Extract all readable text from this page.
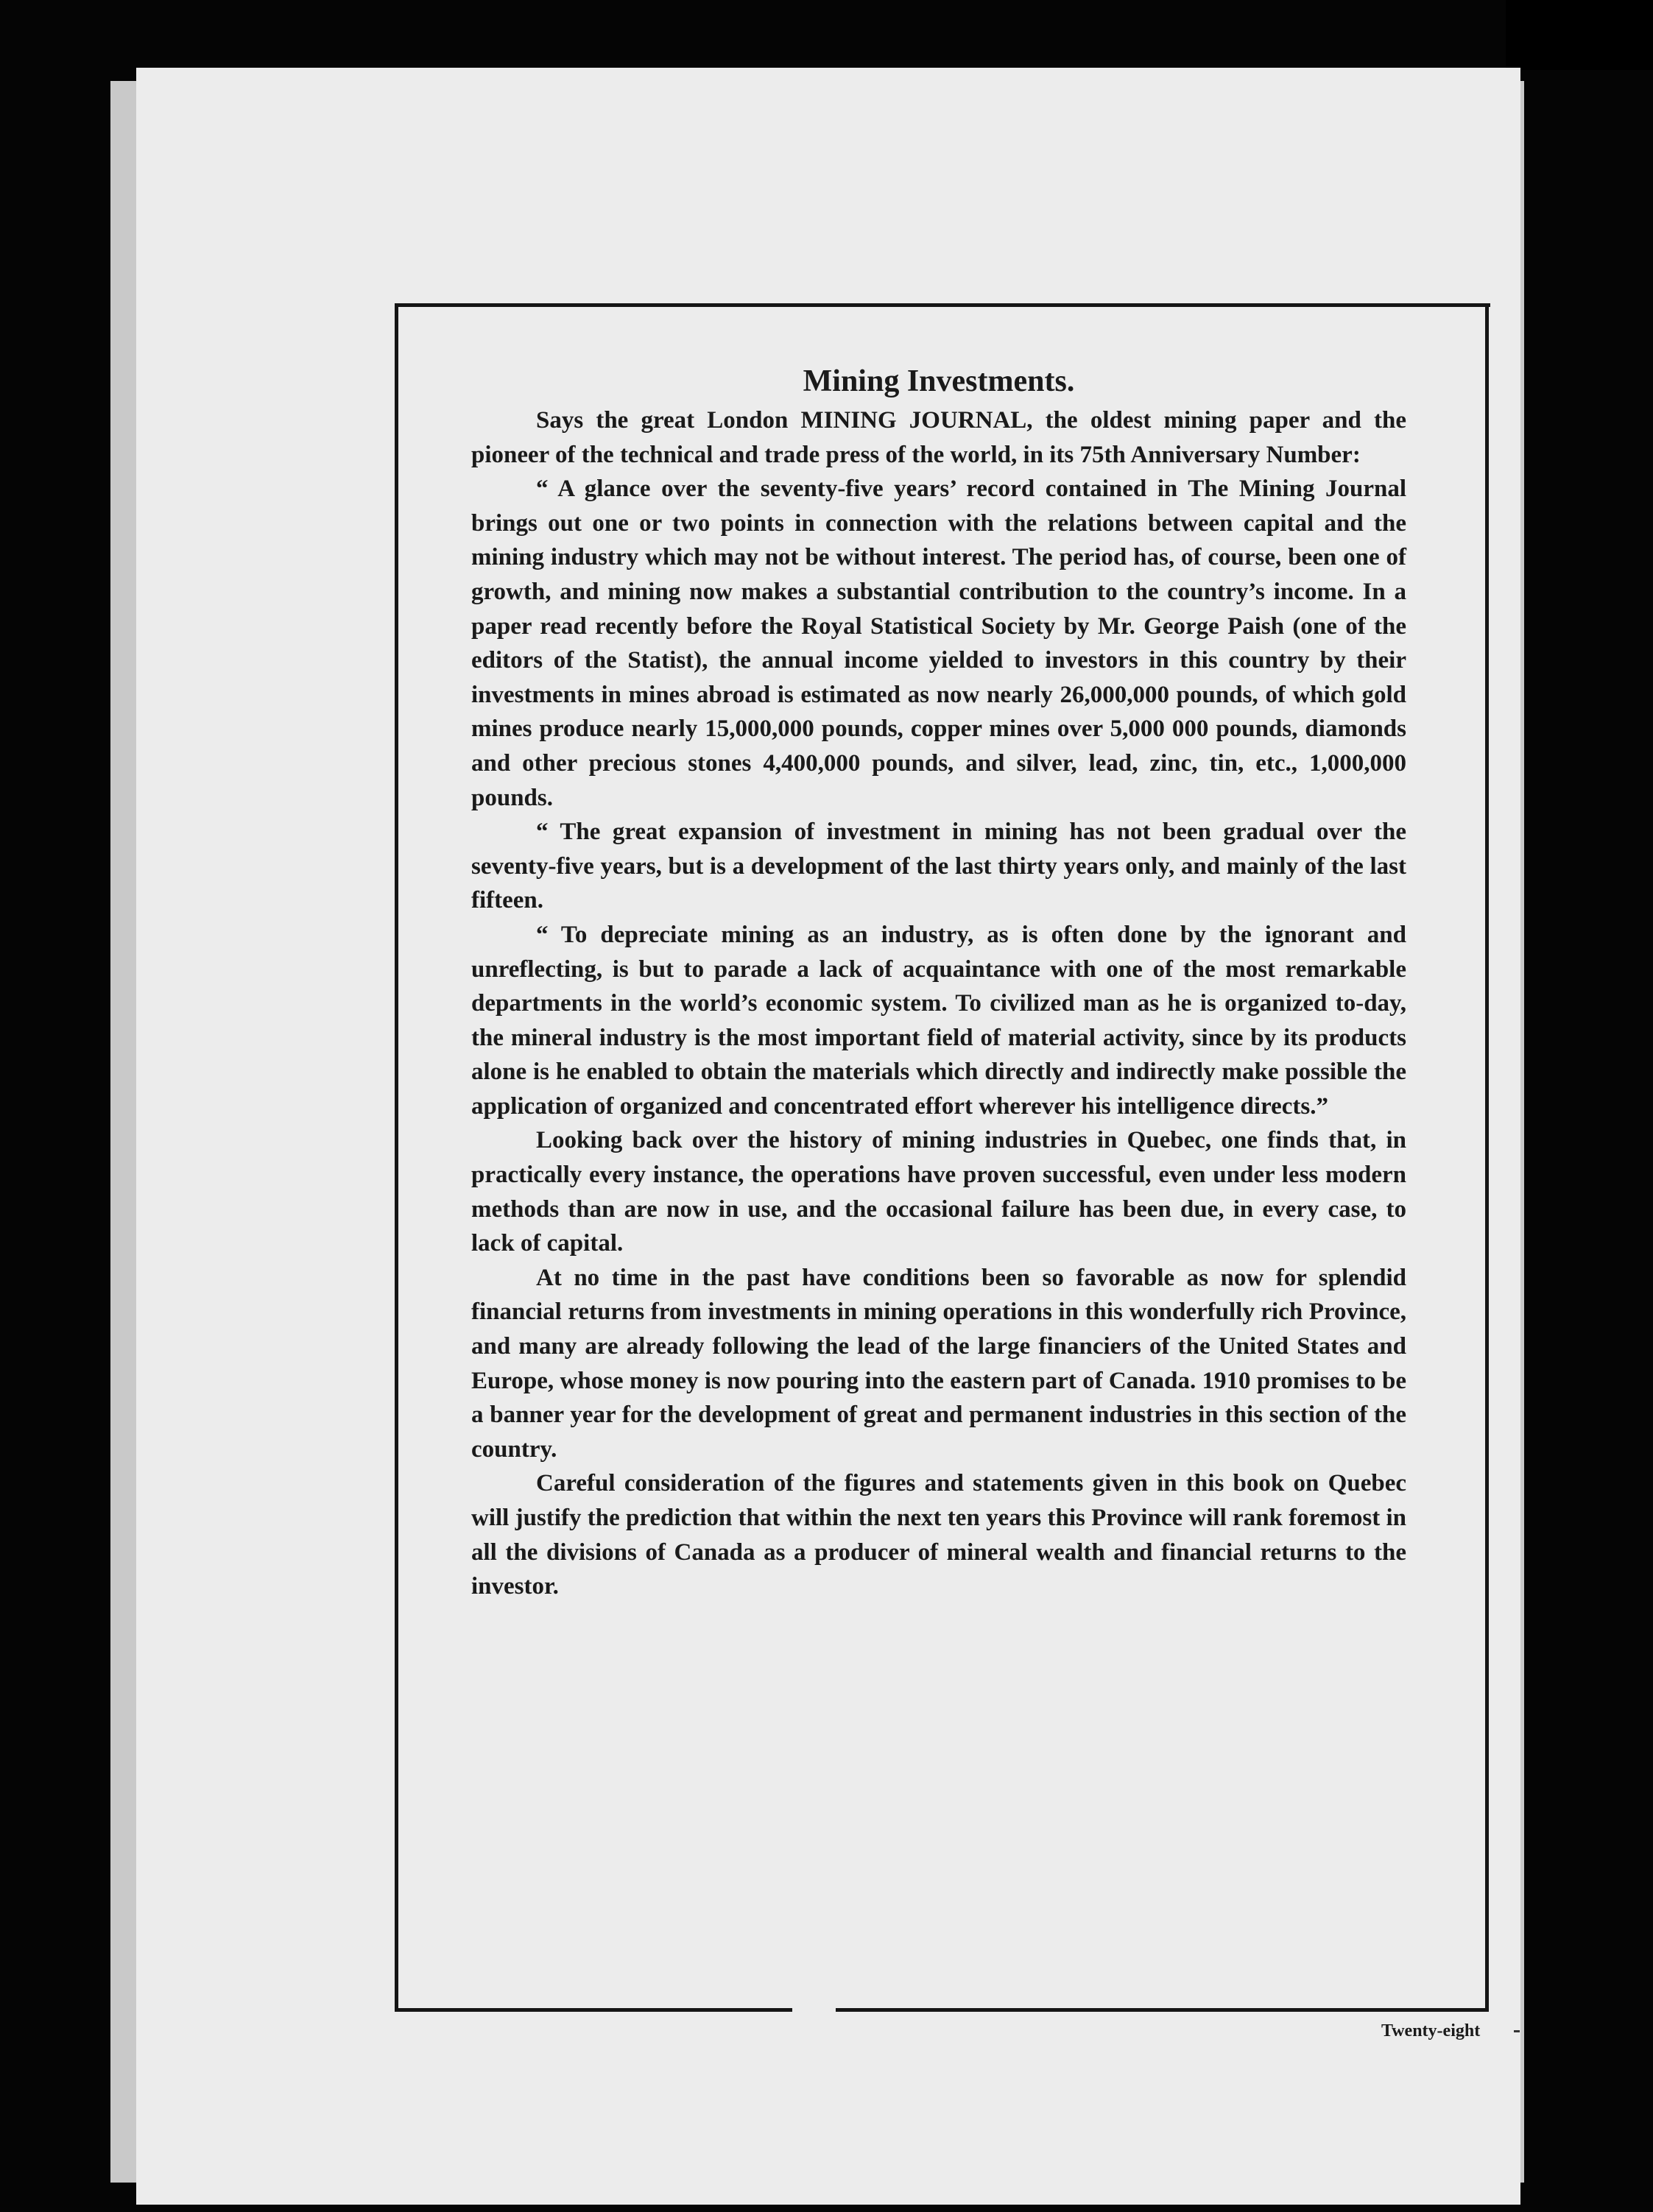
Mining Investments.

Says the great London MINING JOURNAL, the oldest mining paper and the pioneer of the technical and trade press of the world, in its 75th Anniversary Number:

“ A glance over the seventy-five years’ record contained in The Mining Journal brings out one or two points in connection with the relations between capital and the mining industry which may not be without interest. The period has, of course, been one of growth, and mining now makes a substantial contribution to the country’s income. In a paper read recently before the Royal Statistical Society by Mr. George Paish (one of the editors of the Statist), the annual income yielded to investors in this country by their investments in mines abroad is estimated as now nearly 26,000,000 pounds, of which gold mines produce nearly 15,000,000 pounds, copper mines over 5,000 000 pounds, diamonds and other precious stones 4,400,000 pounds, and silver, lead, zinc, tin, etc., 1,000,000 pounds.

“ The great expansion of investment in mining has not been gradual over the seventy-five years, but is a development of the last thirty years only, and mainly of the last fifteen.

“ To depreciate mining as an industry, as is often done by the ignorant and unreflecting, is but to parade a lack of acquaintance with one of the most remarkable departments in the world’s economic system. To civilized man as he is organized to-day, the mineral industry is the most important field of material activity, since by its products alone is he enabled to obtain the materials which directly and indirectly make possible the application of organized and concentrated effort wherever his intelligence directs.”

Looking back over the history of mining industries in Quebec, one finds that, in practically every instance, the operations have proven successful, even under less modern methods than are now in use, and the occasional failure has been due, in every case, to lack of capital.

At no time in the past have conditions been so favorable as now for splendid financial returns from investments in mining operations in this wonderfully rich Province, and many are already following the lead of the large financiers of the United States and Europe, whose money is now pouring into the eastern part of Canada. 1910 promises to be a banner year for the development of great and permanent industries in this section of the country.

Careful consideration of the figures and statements given in this book on Quebec will justify the prediction that within the next ten years this Province will rank foremost in all the divisions of Canada as a producer of mineral wealth and financial returns to the investor.

Twenty-eight
